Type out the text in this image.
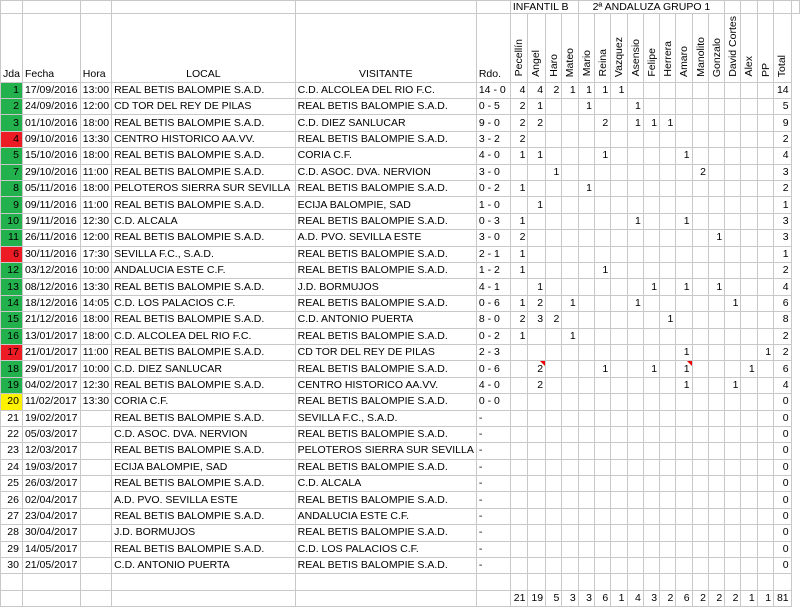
						INFANTIL B				2ª ANDALUZA GRUPO 1													
Jda	Fecha	Hora	LOCAL	VISITANTE	Rdo.	Pecellín	Angel	Haro	Mateo	Mario	Reina	Vazquez	Asensio	Felipe	Herrera	Amaro	Manolito	Gonzalo	David Cortes	Alex	PP	Total	
1	17/09/2016	13:00	REAL BETIS BALOMPIE S.A.D.	C.D. ALCOLEA DEL RIO F.C.	14 - 0	4	4	2	1	1	1	1										14	
2	24/09/2016	12:00	CD TOR DEL REY DE PILAS	REAL BETIS BALOMPIE S.A.D.	0 - 5	2	1			1			1									5	
3	01/10/2016	18:00	REAL BETIS BALOMPIE S.A.D.	C.D. DIEZ SANLUCAR	9 - 0	2	2				2		1	1	1							9	
4	09/10/2016	13:30	CENTRO HISTORICO AA.VV.	REAL BETIS BALOMPIE S.A.D.	3 - 2	2																2	
5	15/10/2016	18:00	REAL BETIS BALOMPIE S.A.D.	CORIA C.F.	4 - 0	1	1				1					1						4	
7	29/10/2016	11:00	REAL BETIS BALOMPIE S.A.D.	C.D. ASOC. DVA. NERVION	3 - 0			1									2					3	
8	05/11/2016	18:00	PELOTEROS SIERRA SUR SEVILLA	REAL BETIS BALOMPIE S.A.D.	0 - 2	1				1												2	
9	09/11/2016	11:00	REAL BETIS BALOMPIE S.A.D.	ECIJA BALOMPIE, SAD	1 - 0		1															1	
10	19/11/2016	12:30	C.D. ALCALA	REAL BETIS BALOMPIE S.A.D.	0 - 3	1							1			1						3	
11	26/11/2016	12:00	REAL BETIS BALOMPIE S.A.D.	A.D. PVO. SEVILLA ESTE	3 - 0	2												1				3	
6	30/11/2016	17:30	SEVILLA F.C., S.A.D.	REAL BETIS BALOMPIE S.A.D.	2 - 1	1																1	
12	03/12/2016	10:00	ANDALUCIA ESTE C.F.	REAL BETIS BALOMPIE S.A.D.	1 - 2	1					1											2	
13	08/12/2016	13:30	REAL BETIS BALOMPIE S.A.D.	J.D. BORMUJOS	4 - 1		1							1		1		1				4	
14	18/12/2016	14:05	C.D. LOS PALACIOS C.F.	REAL BETIS BALOMPIE S.A.D.	0 - 6	1	2		1				1						1			6	
15	21/12/2016	18:00	REAL BETIS BALOMPIE S.A.D.	C.D. ANTONIO PUERTA	8 - 0	2	3	2							1							8	
16	13/01/2017	18:00	C.D. ALCOLEA DEL RIO F.C.	REAL BETIS BALOMPIE S.A.D.	0 - 2	1			1													2	
17	21/01/2017	11:00	REAL BETIS BALOMPIE S.A.D.	CD TOR DEL REY DE PILAS	2 - 3											1					1	2	
18	29/01/2017	10:00	C.D. DIEZ SANLUCAR	REAL BETIS BALOMPIE S.A.D.	0 - 6		2				1			1		1				1		6	
19	04/02/2017	12:30	REAL BETIS BALOMPIE S.A.D.	CENTRO HISTORICO AA.VV.	4 - 0		2									1			1			4	
20	11/02/2017	13:30	CORIA C.F.	REAL BETIS BALOMPIE S.A.D.	0 - 0																	0	
21	19/02/2017		REAL BETIS BALOMPIE S.A.D.	SEVILLA F.C., S.A.D.	-																	0	
22	05/03/2017		C.D. ASOC. DVA. NERVION	REAL BETIS BALOMPIE S.A.D.	-																	0	
23	12/03/2017		REAL BETIS BALOMPIE S.A.D.	PELOTEROS SIERRA SUR SEVILLA	-																	0	
24	19/03/2017		ECIJA BALOMPIE, SAD	REAL BETIS BALOMPIE S.A.D.	-																	0	
25	26/03/2017		REAL BETIS BALOMPIE S.A.D.	C.D. ALCALA	-																	0	
26	02/04/2017		A.D. PVO. SEVILLA ESTE	REAL BETIS BALOMPIE S.A.D.	-																	0	
27	23/04/2017		REAL BETIS BALOMPIE S.A.D.	ANDALUCIA ESTE C.F.	-																	0	
28	30/04/2017		J.D. BORMUJOS	REAL BETIS BALOMPIE S.A.D.	-																	0	
29	14/05/2017		REAL BETIS BALOMPIE S.A.D.	C.D. LOS PALACIOS C.F.	-																	0	
30	21/05/2017		C.D. ANTONIO PUERTA	REAL BETIS BALOMPIE S.A.D.	-																	0	

						21	19	5	3	3	6	1	4	3	2	6	2	2	2	1	1	81	
